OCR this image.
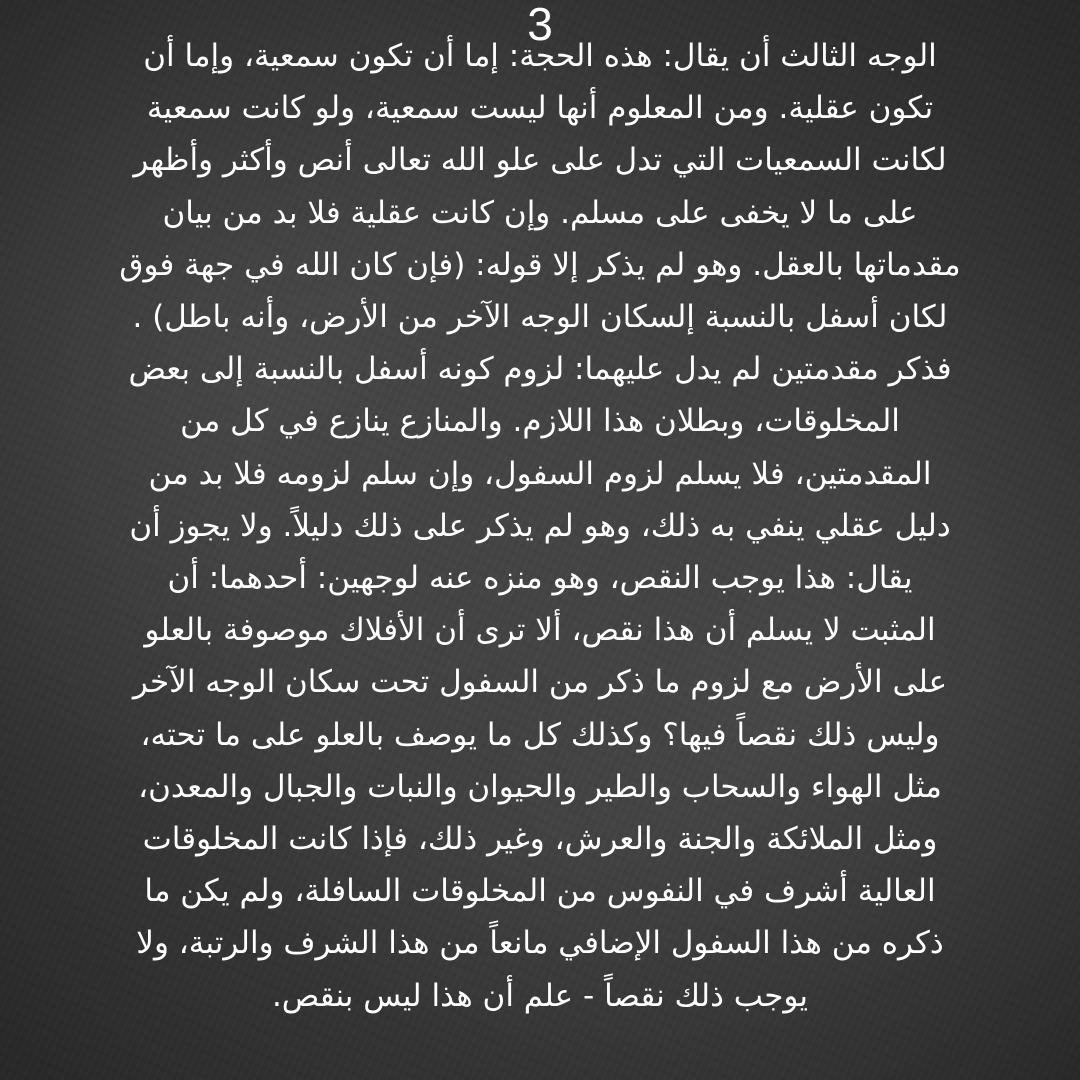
3
الوجه الثالث أن يقال: هذه الحجة: إما أن تكون سمعية، وإما أن
تكون عقلية. ومن المعلوم أنها ليست سمعية، ولو كانت سمعية
لكانت السمعيات التي تدل على علو الله تعالى أنص وأكثر وأظهر
على ما لا يخفى على مسلم. وإن كانت عقلية فلا بد من بيان
مقدماتها بالعقل. وهو لم يذكر إلا قوله: (فإن كان الله في جهة فوق
لكان أسفل بالنسبة إلسكان الوجه الآخر من الأرض، وأنه باطل) .
فذكر مقدمتين لم يدل عليهما: لزوم كونه أسفل بالنسبة إلى بعض
المخلوقات، وبطلان هذا اللازم. والمنازع ينازع في كل من
المقدمتين، فلا يسلم لزوم السفول، وإن سلم لزومه فلا بد من
دليل عقلي ينفي به ذلك، وهو لم يذكر على ذلك دليلاً. ولا يجوز أن
يقال: هذا يوجب النقص، وهو منزه عنه لوجهين: أحدهما: أن
المثبت لا يسلم أن هذا نقص، ألا ترى أن الأفلاك موصوفة بالعلو
على الأرض مع لزوم ما ذكر من السفول تحت سكان الوجه الآخر
وليس ذلك نقصاً فيها؟ وكذلك كل ما يوصف بالعلو على ما تحته،
مثل الهواء والسحاب والطير والحيوان والنبات والجبال والمعدن،
ومثل الملائكة والجنة والعرش، وغير ذلك، فإذا كانت المخلوقات
العالية أشرف في النفوس من المخلوقات السافلة، ولم يكن ما
ذكره من هذا السفول الإضافي مانعاً من هذا الشرف والرتبة، ولا
يوجب ذلك نقصاً - علم أن هذا ليس بنقص.
